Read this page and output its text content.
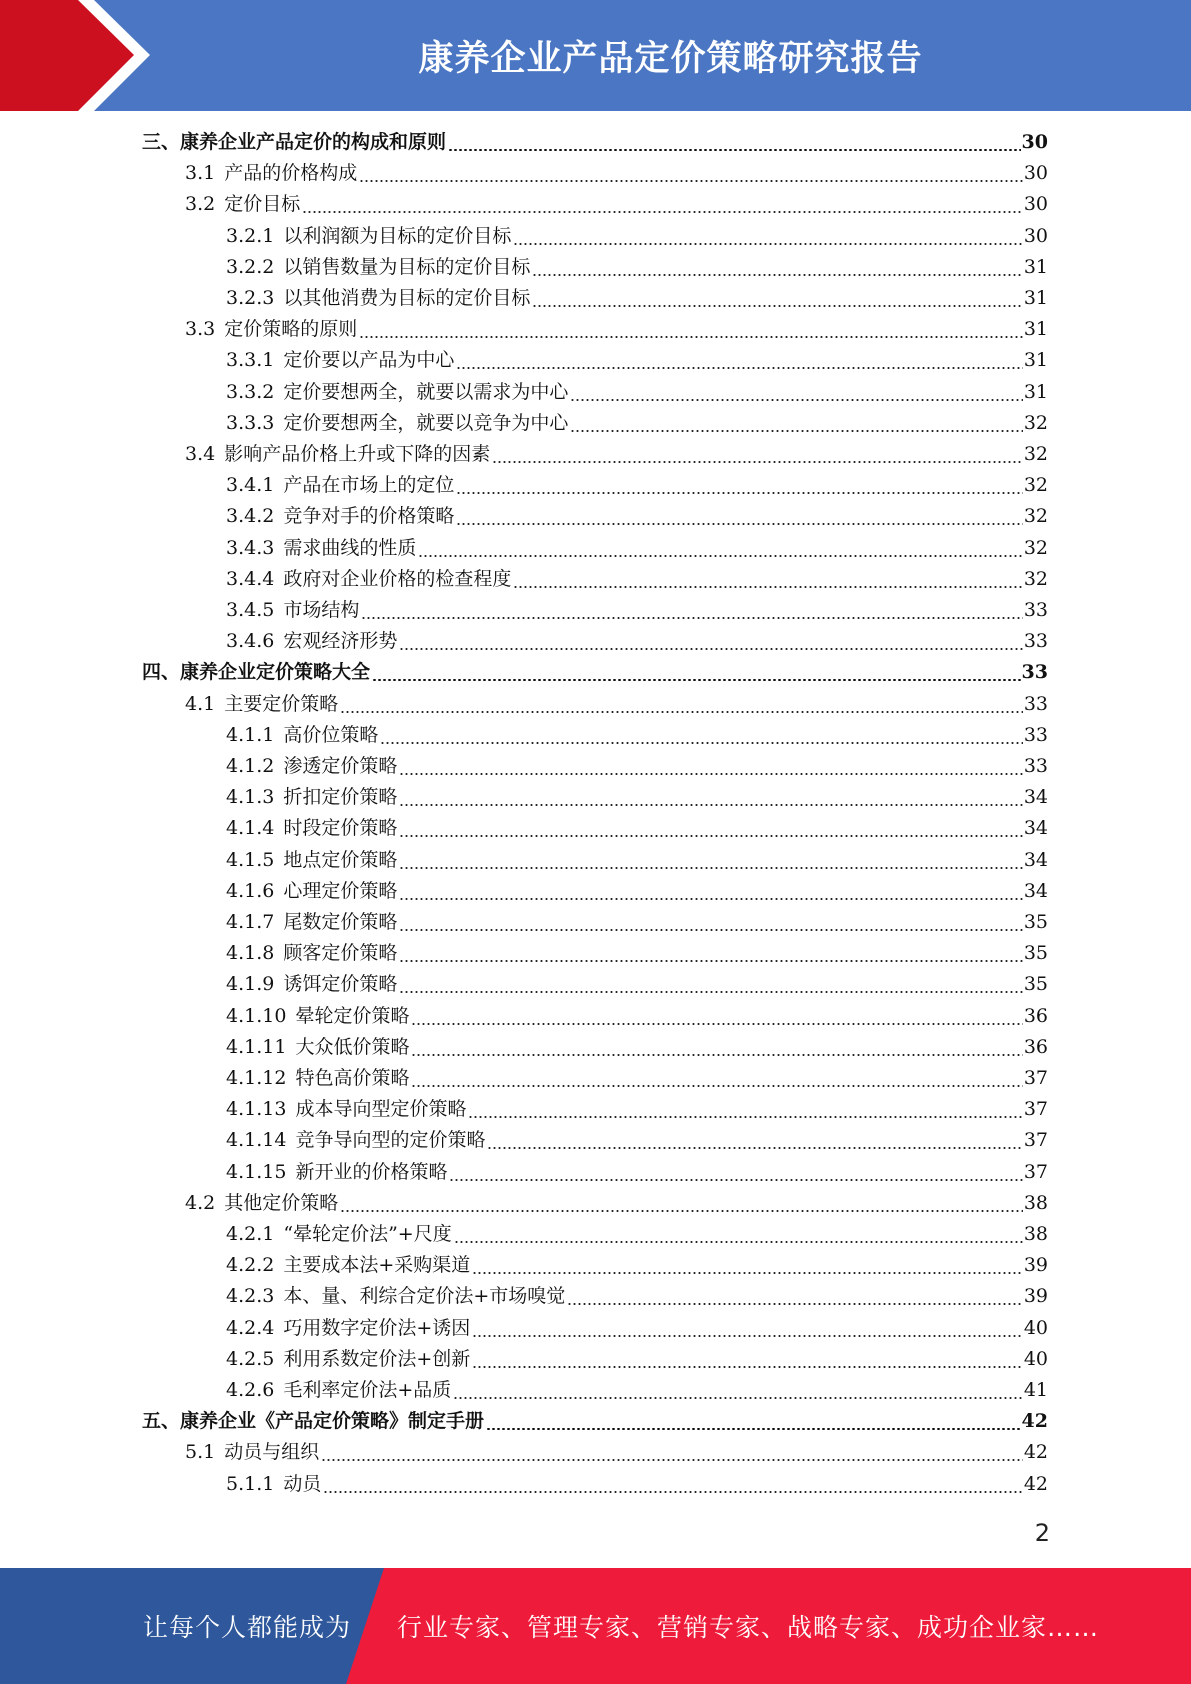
康养企业产品定价策略研究报告
三、康养企业产品定价的构成和原则	30
3.1 产品的价格构成	30
3.2 定价目标	30
3.2.1 以利润额为目标的定价目标	30
3.2.2 以销售数量为目标的定价目标	31
3.2.3 以其他消费为目标的定价目标	31
3.3 定价策略的原则	31
3.3.1 定价要以产品为中心	31
3.3.2 定价要想两全，就要以需求为中心	31
3.3.3 定价要想两全，就要以竞争为中心	32
3.4 影响产品价格上升或下降的因素	32
3.4.1 产品在市场上的定位	32
3.4.2 竞争对手的价格策略	32
3.4.3 需求曲线的性质	32
3.4.4 政府对企业价格的检查程度	32
3.4.5 市场结构	33
3.4.6 宏观经济形势	33
四、康养企业定价策略大全	33
4.1 主要定价策略	33
4.1.1 高价位策略	33
4.1.2 渗透定价策略	33
4.1.3 折扣定价策略	34
4.1.4 时段定价策略	34
4.1.5 地点定价策略	34
4.1.6 心理定价策略	34
4.1.7 尾数定价策略	35
4.1.8 顾客定价策略	35
4.1.9 诱饵定价策略	35
4.1.10 晕轮定价策略	36
4.1.11 大众低价策略	36
4.1.12 特色高价策略	37
4.1.13 成本导向型定价策略	37
4.1.14 竞争导向型的定价策略	37
4.1.15 新开业的价格策略	37
4.2 其他定价策略	38
4.2.1 “晕轮定价法”+尺度	38
4.2.2 主要成本法+采购渠道	39
4.2.3 本、量、利综合定价法+市场嗅觉	39
4.2.4 巧用数字定价法+诱因	40
4.2.5 利用系数定价法+创新	40
4.2.6 毛利率定价法+品质	41
五、康养企业《产品定价策略》制定手册	42
5.1 动员与组织	42
5.1.1 动员	42
2
让每个人都能成为 行业专家、管理专家、营销专家、战略专家、成功企业家……
